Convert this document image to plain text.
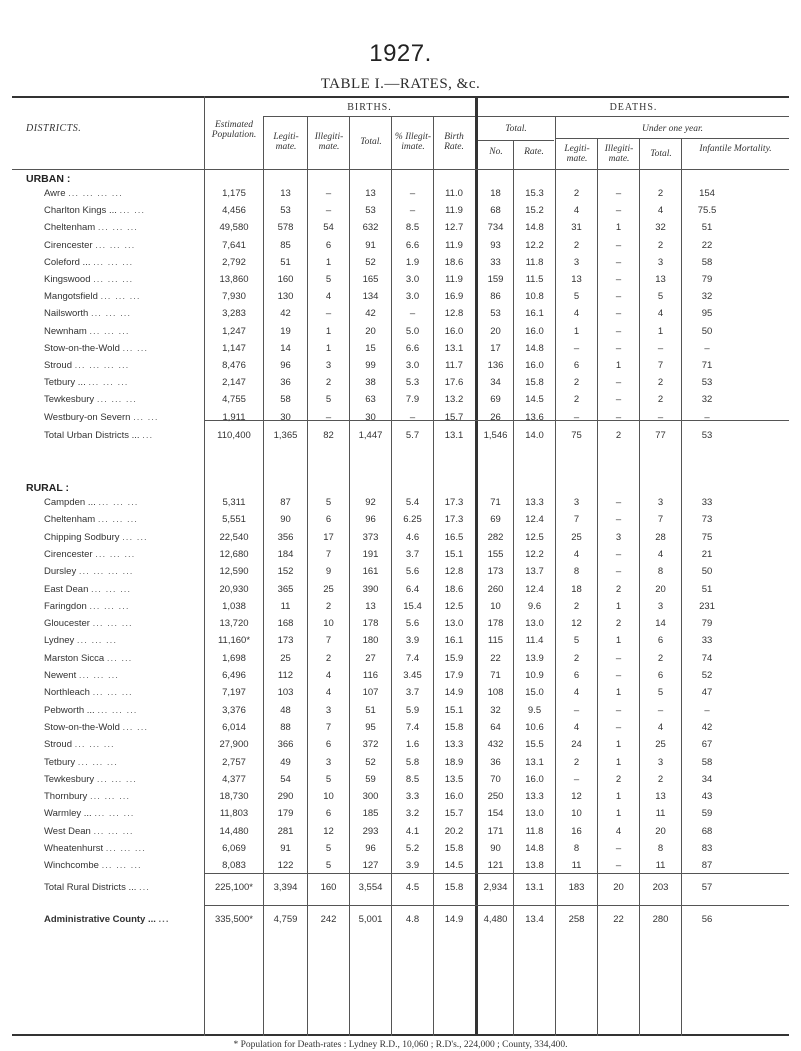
1927.
TABLE I.—RATES, &c.
DISTRICTS.	Estimated Population.
BIRTHS.	DEATHS.
Legiti- mate.
Illegiti- mate.	Total.	% Illegit- imate.
Birth Rate.
Total.
No.	Rate.
Under one year.
Legiti- mate.
Illegiti- mate.	Total.	Infantile Mortality.
URBAN :
RURAL :
Awre ... ... ... ...	1,175	13	–	13	–	11.0	18	15.3	2	–	2	154
Charlton Kings ... ... ...	4,456	53	–	53	–	11.9	68	15.2	4	–	4	75.5
Cheltenham ... ... ...	49,580	578	54	632	8.5	12.7	734	14.8	31	1	32	51
Cirencester ... ... ...	7,641	85	6	91	6.6	11.9	93	12.2	2	–	2	22
Coleford ... ... ... ...	2,792	51	1	52	1.9	18.6	33	11.8	3	–	3	58
Kingswood ... ... ...	13,860	160	5	165	3.0	11.9	159	11.5	13	–	13	79
Mangotsfield ... ... ...	7,930	130	4	134	3.0	16.9	86	10.8	5	–	5	32
Nailsworth ... ... ...	3,283	42	–	42	–	12.8	53	16.1	4	–	4	95
Newnham ... ... ...	1,247	19	1	20	5.0	16.0	20	16.0	1	–	1	50
Stow-on-the-Wold ... ...	1,147	14	1	15	6.6	13.1	17	14.8	–	–	–	–
Stroud ... ... ... ...	8,476	96	3	99	3.0	11.7	136	16.0	6	1	7	71
Tetbury ... ... ... ...	2,147	36	2	38	5.3	17.6	34	15.8	2	–	2	53
Tewkesbury ... ... ...	4,755	58	5	63	7.9	13.2	69	14.5	2	–	2	32
Westbury-on Severn ... ...	1,911	30	–	30	–	15.7	26	13.6	–	–	–	–
Total Urban Districts ... ...	110,400	1,365	82	1,447	5.7	13.1	1,546	14.0	75	2	77	53
Campden ... ... ... ...	5,311	87	5	92	5.4	17.3	71	13.3	3	–	3	33
Cheltenham ... ... ...	5,551	90	6	96	6.25	17.3	69	12.4	7	–	7	73
Chipping Sodbury ... ...	22,540	356	17	373	4.6	16.5	282	12.5	25	3	28	75
Cirencester ... ... ...	12,680	184	7	191	3.7	15.1	155	12.2	4	–	4	21
Dursley ... ... ... ...	12,590	152	9	161	5.6	12.8	173	13.7	8	–	8	50
East Dean ... ... ...	20,930	365	25	390	6.4	18.6	260	12.4	18	2	20	51
Faringdon ... ... ...	1,038	11	2	13	15.4	12.5	10	9.6	2	1	3	231
Gloucester ... ... ...	13,720	168	10	178	5.6	13.0	178	13.0	12	2	14	79
Lydney ... ... ...	11,160*	173	7	180	3.9	16.1	115	11.4	5	1	6	33
Marston Sicca ... ...	1,698	25	2	27	7.4	15.9	22	13.9	2	–	2	74
Newent ... ... ...	6,496	112	4	116	3.45	17.9	71	10.9	6	–	6	52
Northleach ... ... ...	7,197	103	4	107	3.7	14.9	108	15.0	4	1	5	47
Pebworth ... ... ... ...	3,376	48	3	51	5.9	15.1	32	9.5	–	–	–	–
Stow-on-the-Wold ... ...	6,014	88	7	95	7.4	15.8	64	10.6	4	–	4	42
Stroud ... ... ...	27,900	366	6	372	1.6	13.3	432	15.5	24	1	25	67
Tetbury ... ... ...	2,757	49	3	52	5.8	18.9	36	13.1	2	1	3	58
Tewkesbury ... ... ...	4,377	54	5	59	8.5	13.5	70	16.0	–	2	2	34
Thornbury ... ... ...	18,730	290	10	300	3.3	16.0	250	13.3	12	1	13	43
Warmley ... ... ... ...	11,803	179	6	185	3.2	15.7	154	13.0	10	1	11	59
West Dean ... ... ...	14,480	281	12	293	4.1	20.2	171	11.8	16	4	20	68
Wheatenhurst ... ... ...	6,069	91	5	96	5.2	15.8	90	14.8	8	–	8	83
Winchcombe ... ... ...	8,083	122	5	127	3.9	14.5	121	13.8	11	–	11	87
Total Rural Districts ... ...	225,100*	3,394	160	3,554	4.5	15.8	2,934	13.1	183	20	203	57
Administrative County ... ...	335,500*	4,759	242	5,001	4.8	14.9	4,480	13.4	258	22	280	56
* Population for Death-rates : Lydney R.D., 10,060 ; R.D's., 224,000 ; County, 334,400.
